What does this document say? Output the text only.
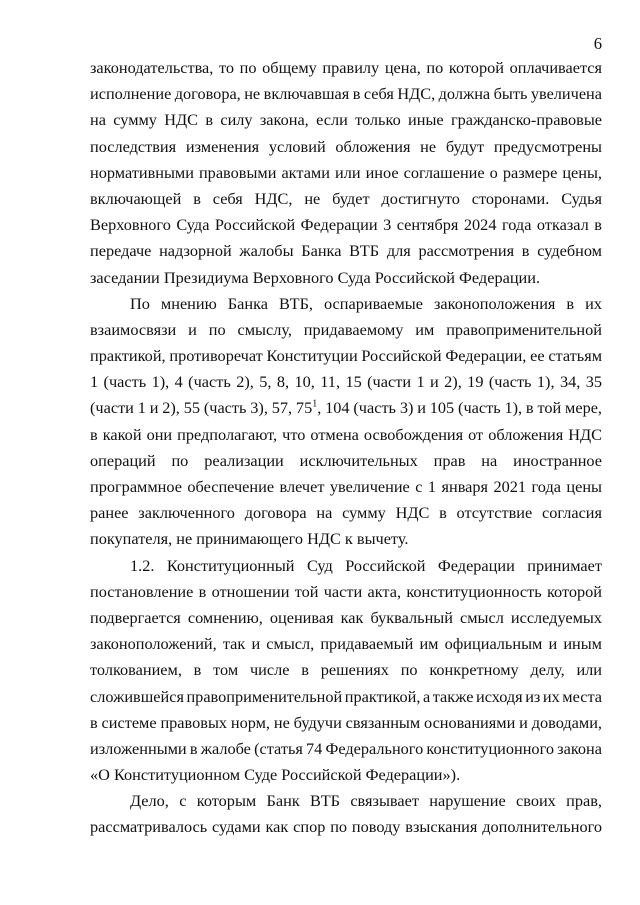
6
законодательства, то по общему правилу цена, по которой оплачивается
исполнение договора, не включавшая в себя НДС, должна быть увеличена
на сумму НДС в силу закона, если только иные гражданско-правовые
последствия изменения условий обложения не будут предусмотрены
нормативными правовыми актами или иное соглашение о размере цены,
включающей в себя НДС, не будет достигнуто сторонами. Судья
Верховного Суда Российской Федерации 3 сентября 2024 года отказал в
передаче надзорной жалобы Банка ВТБ для рассмотрения в судебном
заседании Президиума Верховного Суда Российской Федерации.
По мнению Банка ВТБ, оспариваемые законоположения в их
взаимосвязи и по смыслу, придаваемому им правоприменительной
практикой, противоречат Конституции Российской Федерации, ее статьям
1 (часть 1), 4 (часть 2), 5, 8, 10, 11, 15 (части 1 и 2), 19 (часть 1), 34, 35
(части 1 и 2), 55 (часть 3), 57, $75^1$, 104 (часть 3) и 105 (часть 1), в той мере,
в какой они предполагают, что отмена освобождения от обложения НДС
операций по реализации исключительных прав на иностранное
программное обеспечение влечет увеличение с 1 января 2021 года цены
ранее заключенного договора на сумму НДС в отсутствие согласия
покупателя, не принимающего НДС к вычету.
1.2. Конституционный Суд Российской Федерации принимает
постановление в отношении той части акта, конституционность которой
подвергается сомнению, оценивая как буквальный смысл исследуемых
законоположений, так и смысл, придаваемый им официальным и иным
толкованием, в том числе в решениях по конкретному делу, или
сложившейся правоприменительной практикой, а также исходя из их места
в системе правовых норм, не будучи связанным основаниями и доводами,
изложенными в жалобе (статья 74 Федерального конституционного закона
«О Конституционном Суде Российской Федерации»).
Дело, с которым Банк ВТБ связывает нарушение своих прав,
рассматривалось судами как спор по поводу взыскания дополнительного
